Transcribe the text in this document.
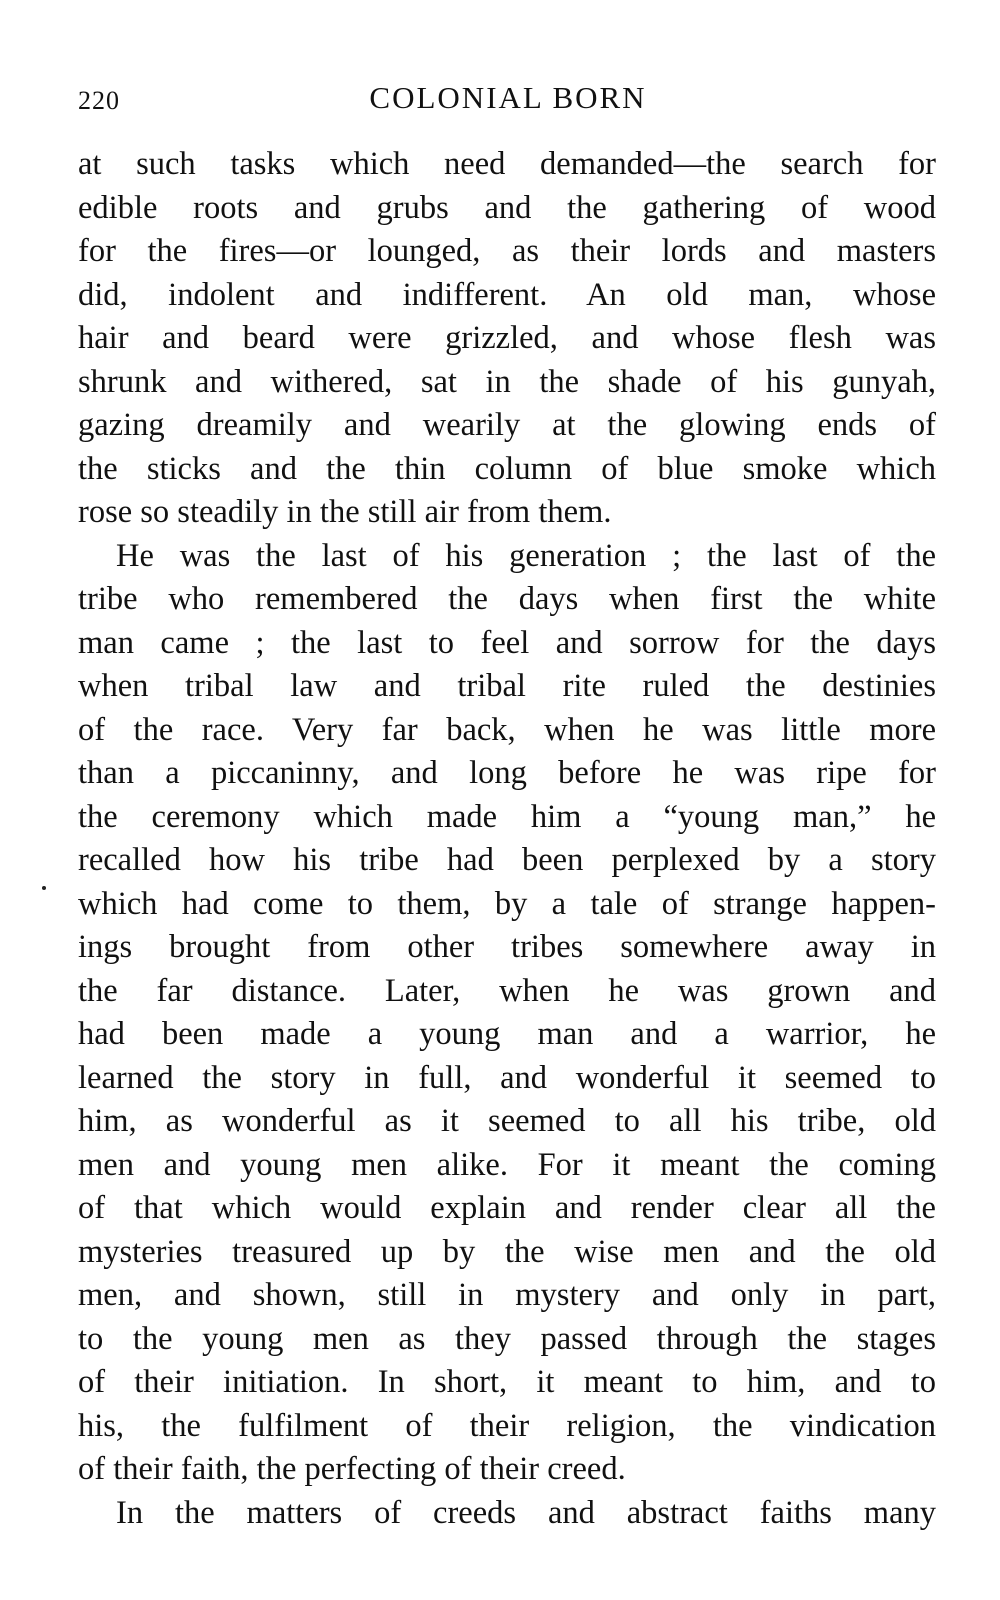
220	COLONIAL BORN
at such tasks which need demanded—the search for
edible roots and grubs and the gathering of wood
for the fires—or lounged, as their lords and masters
did, indolent and indifferent. An old man, whose
hair and beard were grizzled, and whose flesh was
shrunk and withered, sat in the shade of his gunyah,
gazing dreamily and wearily at the glowing ends of
the sticks and the thin column of blue smoke which
rose so steadily in the still air from them.
He was the last of his generation ; the last of the
tribe who remembered the days when first the white
man came ; the last to feel and sorrow for the days
when tribal law and tribal rite ruled the destinies
of the race. Very far back, when he was little more
than a piccaninny, and long before he was ripe for
the ceremony which made him a “young man,” he
recalled how his tribe had been perplexed by a story
which had come to them, by a tale of strange happen-
ings brought from other tribes somewhere away in
the far distance. Later, when he was grown and
had been made a young man and a warrior, he
learned the story in full, and wonderful it seemed to
him, as wonderful as it seemed to all his tribe, old
men and young men alike. For it meant the coming
of that which would explain and render clear all the
mysteries treasured up by the wise men and the old
men, and shown, still in mystery and only in part,
to the young men as they passed through the stages
of their initiation. In short, it meant to him, and to
his, the fulfilment of their religion, the vindication
of their faith, the perfecting of their creed.
In the matters of creeds and abstract faiths many
